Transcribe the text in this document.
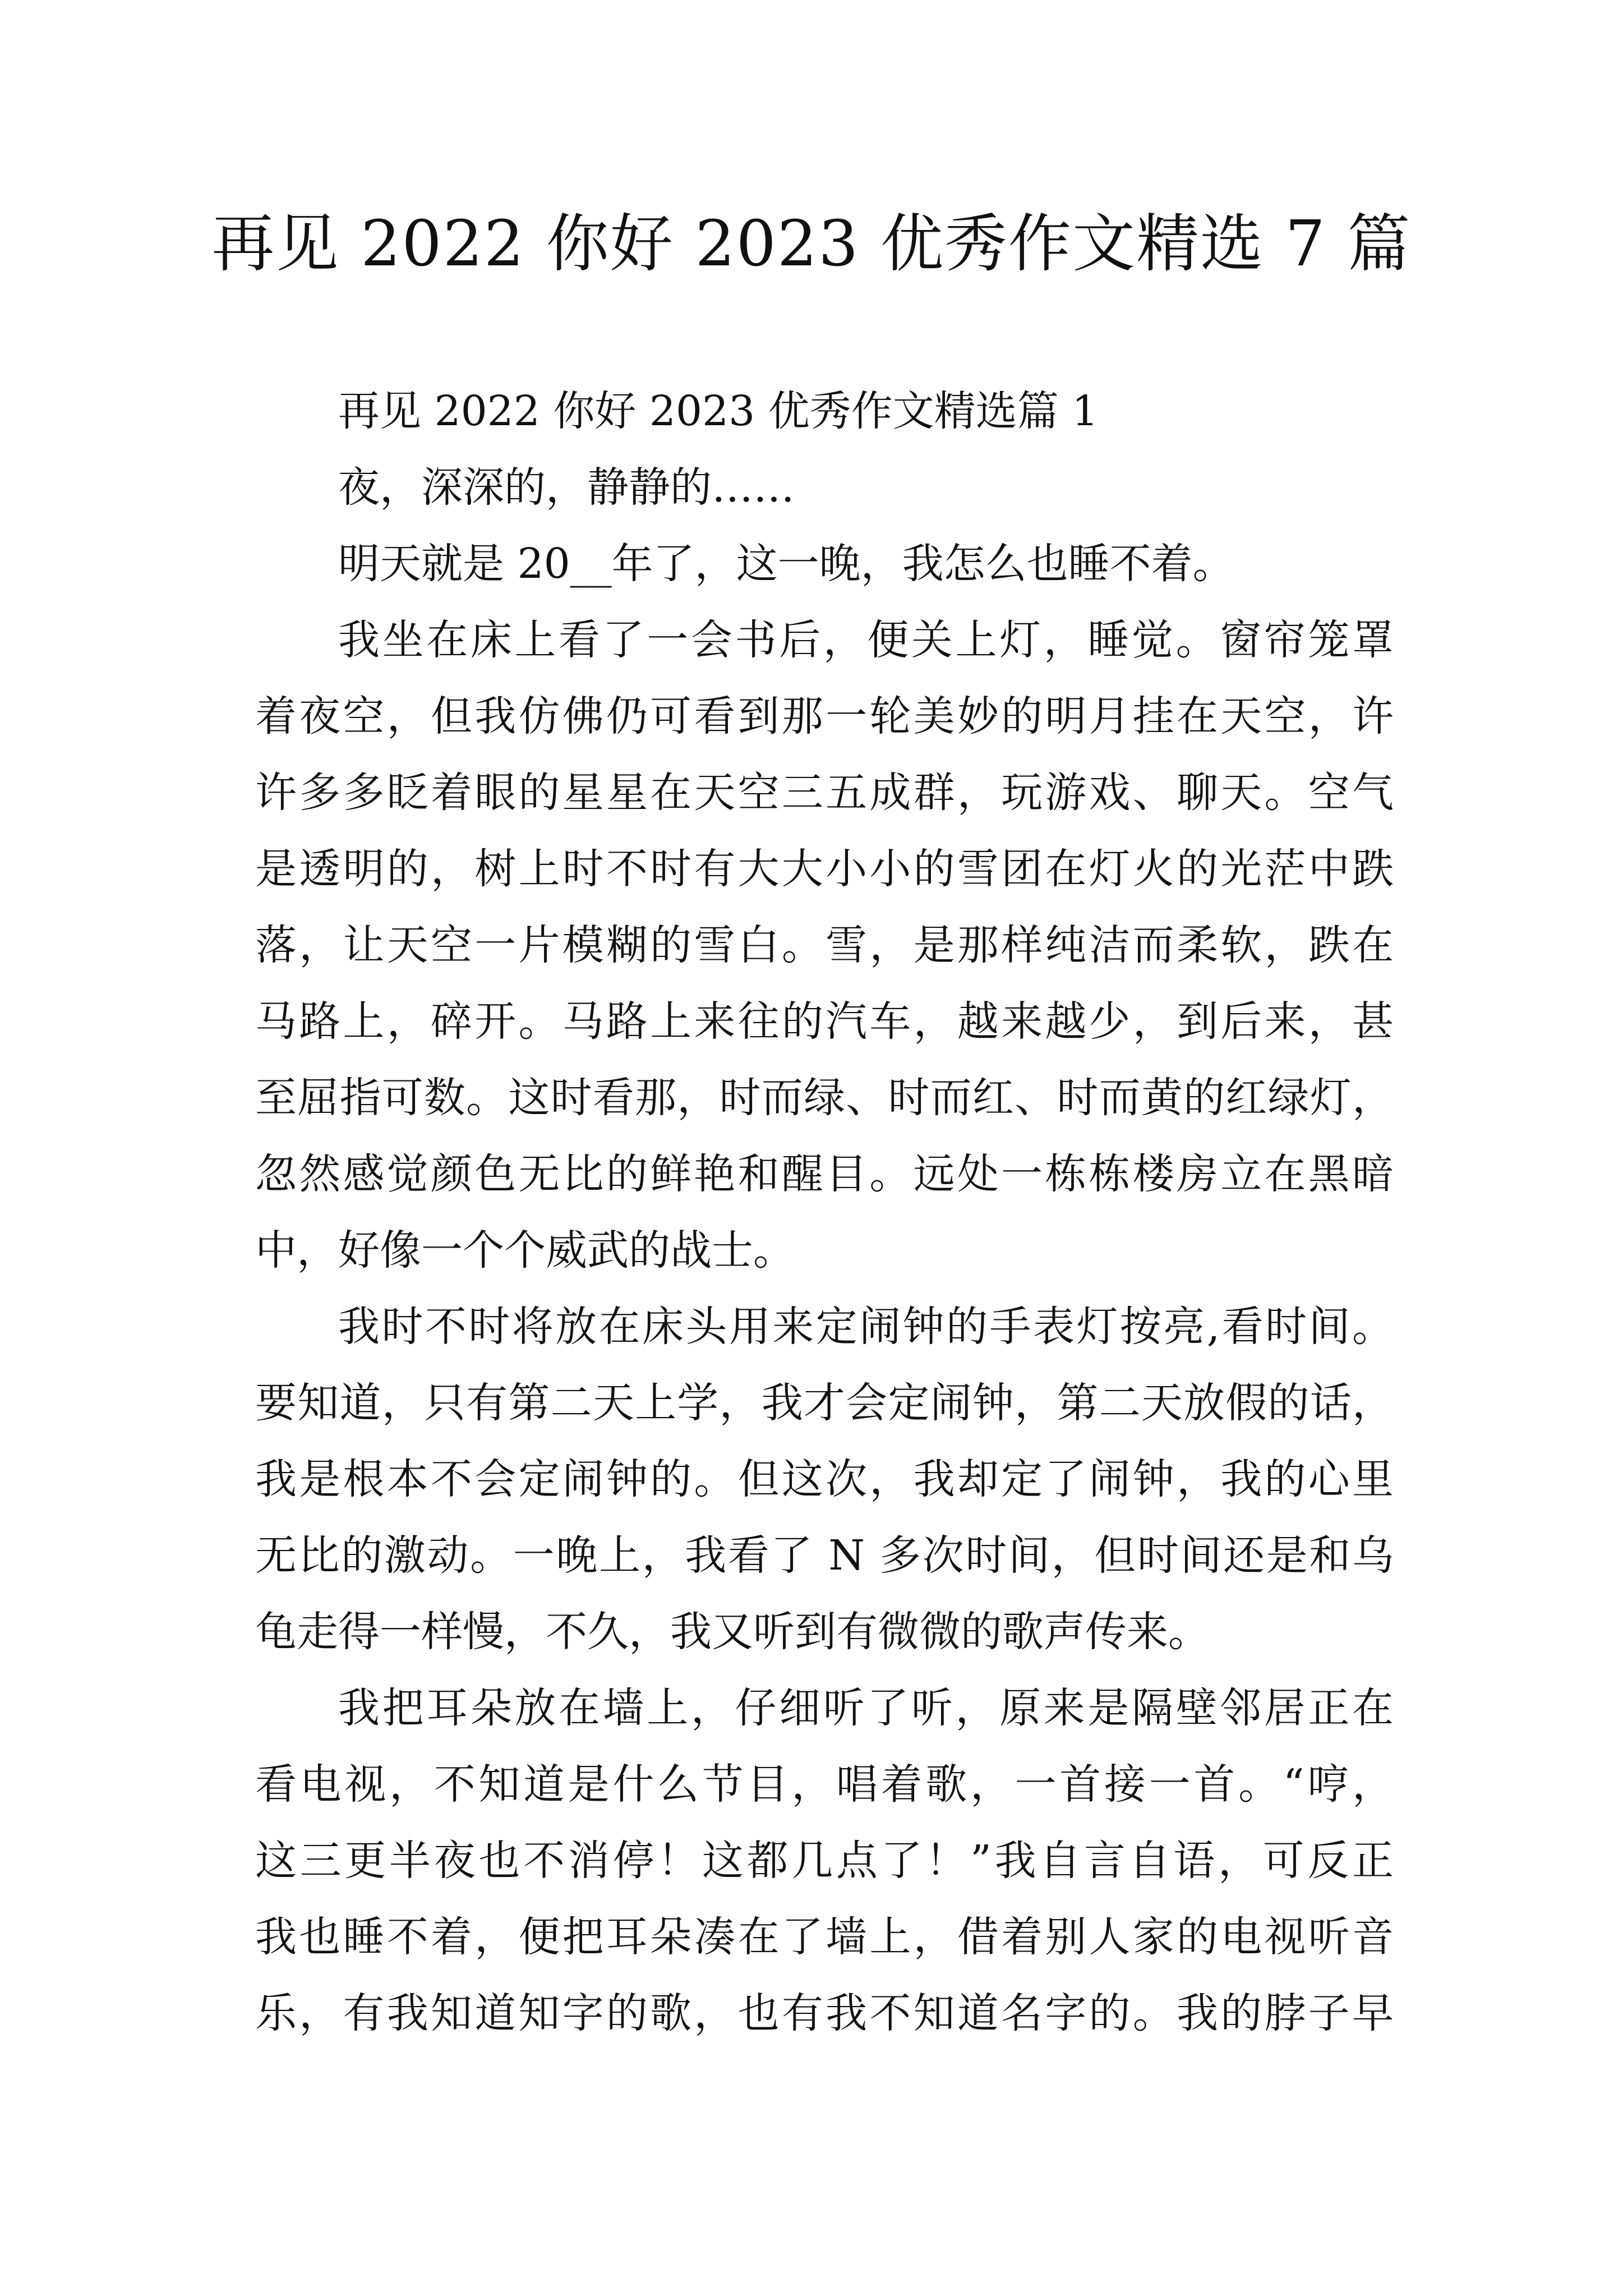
再见 2022 你好 2023 优秀作文精选 7 篇
再见 2022 你好 2023 优秀作文精选篇 1
夜，深深的，静静的……
明天就是 20__年了，这一晚，我怎么也睡不着。
我坐在床上看了一会书后，便关上灯，睡觉。窗帘笼罩
着夜空，但我仿佛仍可看到那一轮美妙的明月挂在天空，许
许多多眨着眼的星星在天空三五成群，玩游戏、聊天。空气
是透明的，树上时不时有大大小小的雪团在灯火的光茫中跌
落，让天空一片模糊的雪白。雪，是那样纯洁而柔软，跌在
马路上，碎开。马路上来往的汽车，越来越少，到后来，甚
至屈指可数。这时看那，时而绿、时而红、时而黄的红绿灯，
忽然感觉颜色无比的鲜艳和醒目。远处一栋栋楼房立在黑暗
中，好像一个个威武的战士。
我时不时将放在床头用来定闹钟的手表灯按亮,看时间。
要知道，只有第二天上学，我才会定闹钟，第二天放假的话，
我是根本不会定闹钟的。但这次，我却定了闹钟，我的心里
无比的激动。一晚上，我看了 N 多次时间，但时间还是和乌
龟走得一样慢，不久，我又听到有微微的歌声传来。
我把耳朵放在墙上，仔细听了听，原来是隔壁邻居正在
看电视，不知道是什么节目，唱着歌，一首接一首。“哼，
这三更半夜也不消停！这都几点了！”我自言自语，可反正
我也睡不着，便把耳朵凑在了墙上，借着别人家的电视听音
乐，有我知道知字的歌，也有我不知道名字的。我的脖子早
